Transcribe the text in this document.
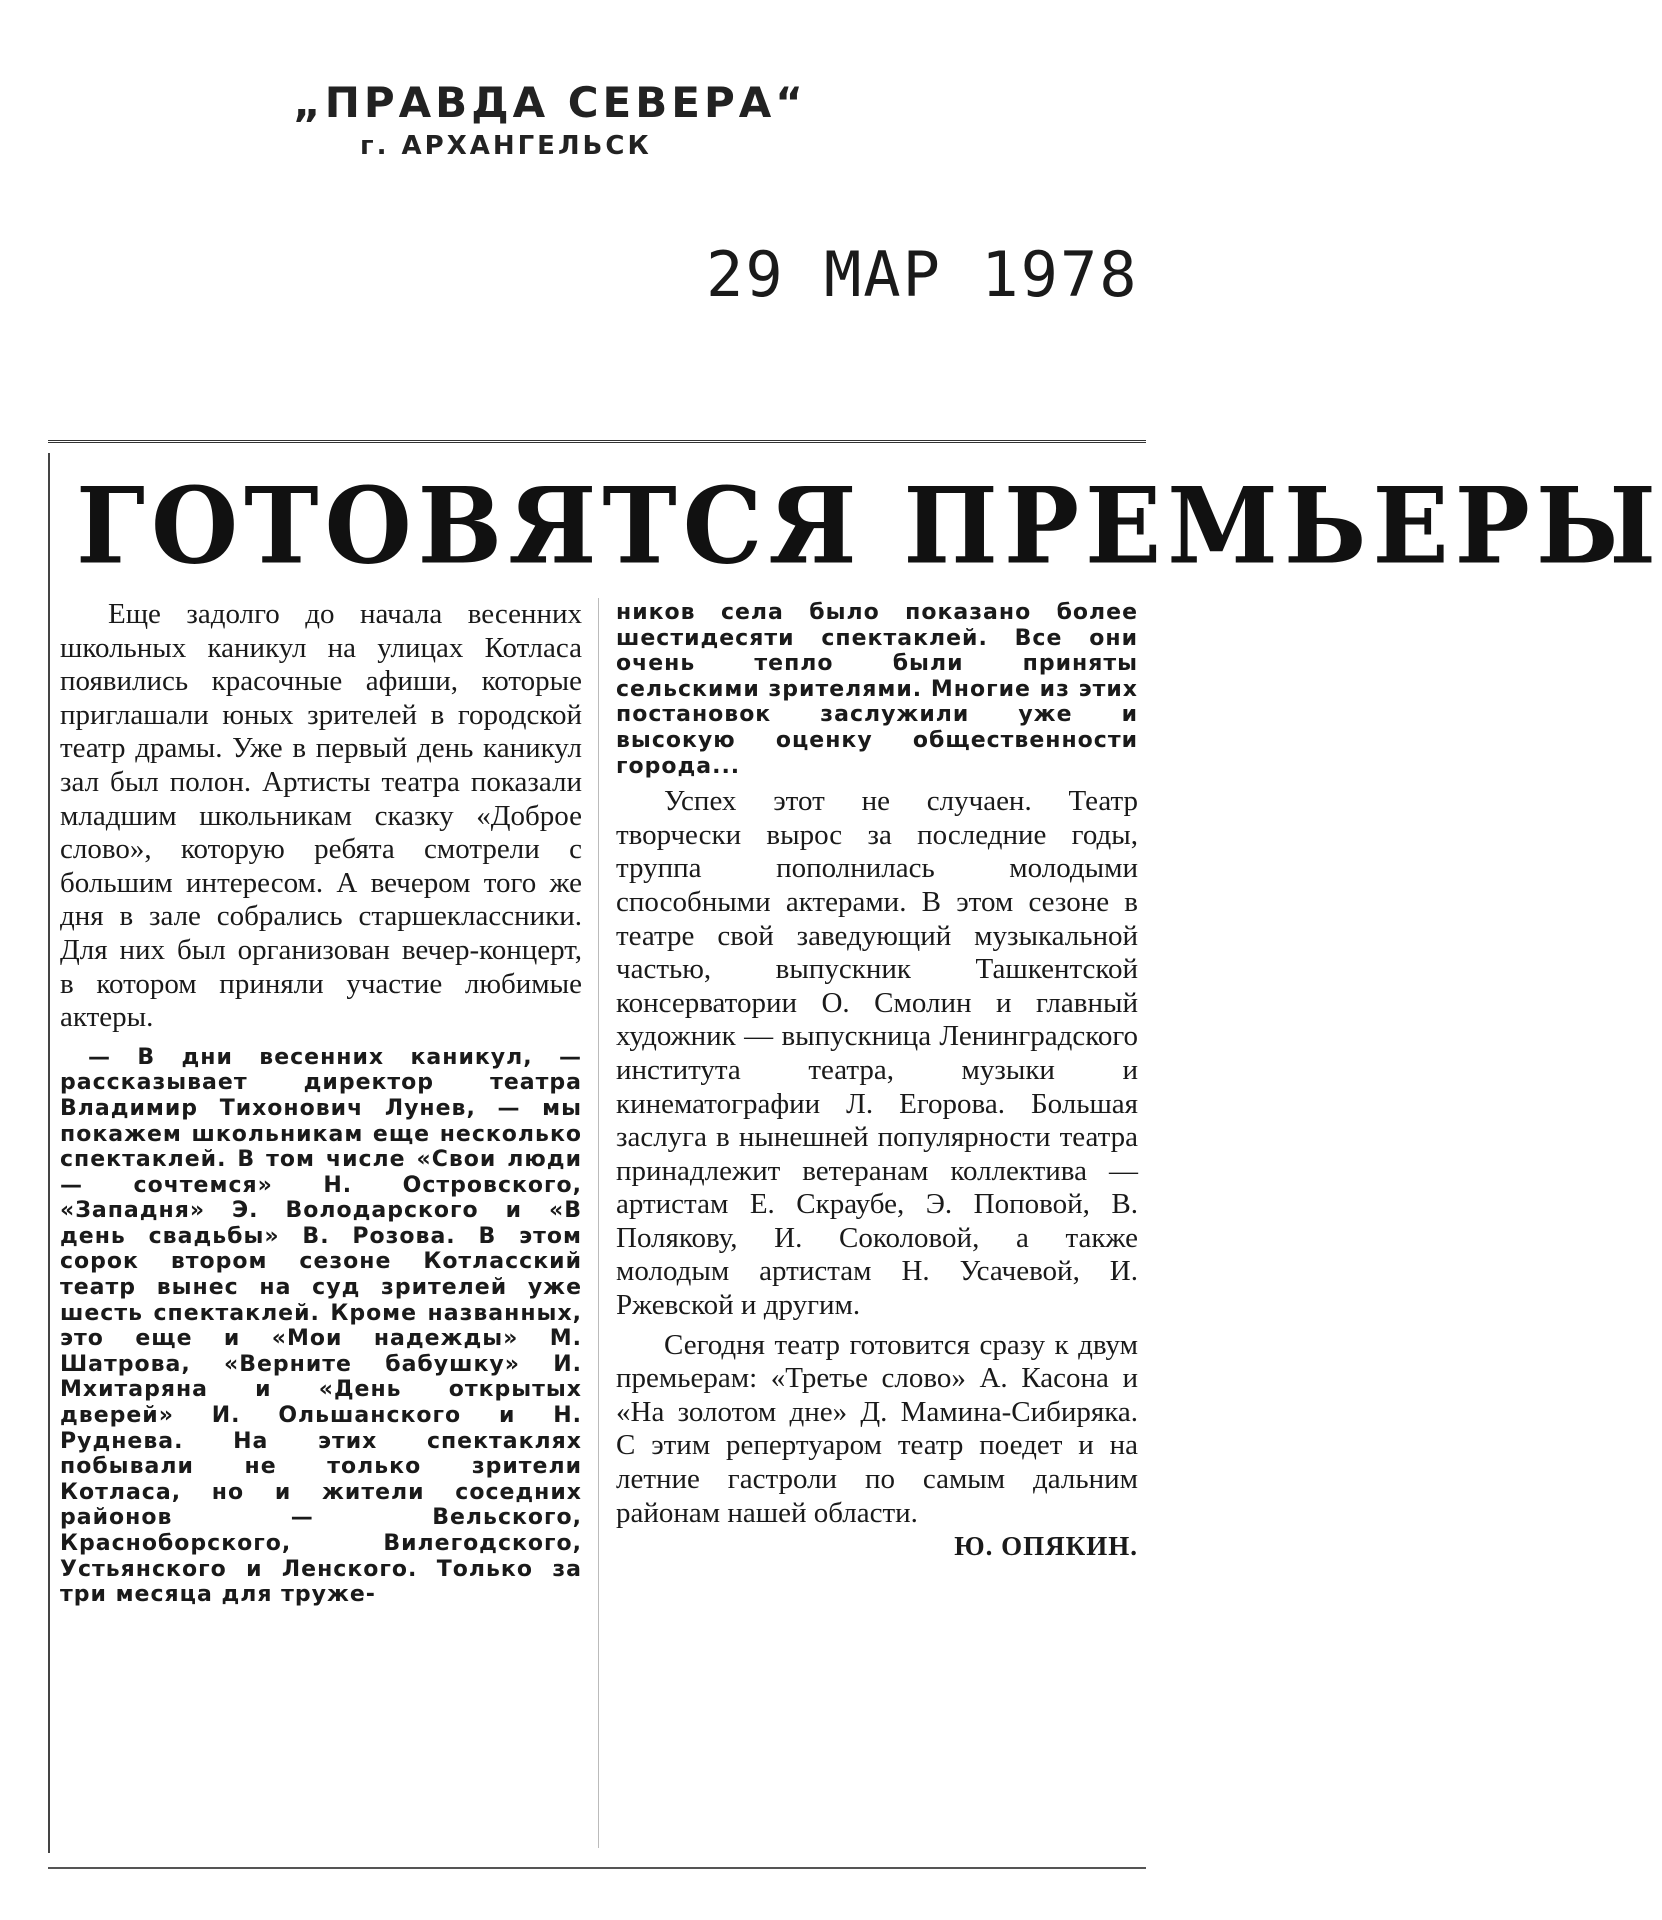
„ПРАВДА СЕВЕРА“
г. АРХАНГЕЛЬСК
29 МАР 1978
ГОТОВЯТСЯ ПРЕМЬЕРЫ

Еще задолго до начала весенних школьных каникул на улицах Котласа появились красочные афиши, которые приглашали юных зрителей в городской театр драмы. Уже в первый день каникул зал был полон. Артисты театра показали младшим школьникам сказку «Доброе слово», которую ребята смотрели с большим интересом. А вечером того же дня в зале собрались старшеклассники. Для них был организован вечер-концерт, в котором приняли участие любимые актеры.

— В дни весенних каникул, — рассказывает директор театра Владимир Тихонович Лунев, — мы покажем школьникам еще несколько спектаклей. В том числе «Свои люди — сочтемся» Н. Островского, «Западня» Э. Володарского и «В день свадьбы» В. Розова. В этом сорок втором сезоне Котласский театр вынес на суд зрителей уже шесть спектаклей. Кроме названных, это еще и «Мои надежды» М. Шатрова, «Верните бабушку» И. Мхитаряна и «День открытых дверей» И. Ольшанского и Н. Руднева. На этих спектаклях побывали не только зрители Котласа, но и жители соседних районов — Вельского, Красноборского, Вилегодского, Устьянского и Ленского. Только за три месяца для тружe-

ников села было показано более шестидесяти спектаклей. Все они очень тепло были приняты сельскими зрителями. Многие из этих постановок заслужили уже и высокую оценку общественности города...

Успех этот не случаен. Театр творчески вырос за последние годы, труппа пополнилась молодыми способными актерами. В этом сезоне в театре свой заведующий музыкальной частью, выпускник Ташкентской консерватории О. Смолин и главный художник — выпускница Ленинградского института театра, музыки и кинематографии Л. Егорова. Большая заслуга в нынешней популярности театра принадлежит ветеранам коллектива — артистам Е. Скраубе, Э. Поповой, В. Полякову, И. Соколовой, а также молодым артистам Н. Усачевой, И. Ржевской и другим.

Сегодня театр готовится сразу к двум премьерам: «Третье слово» А. Касона и «На золотом дне» Д. Мамина-Сибиряка. С этим репертуаром театр поедет и на летние гастроли по самым дальним районам нашей области.

Ю. ОПЯКИН.
